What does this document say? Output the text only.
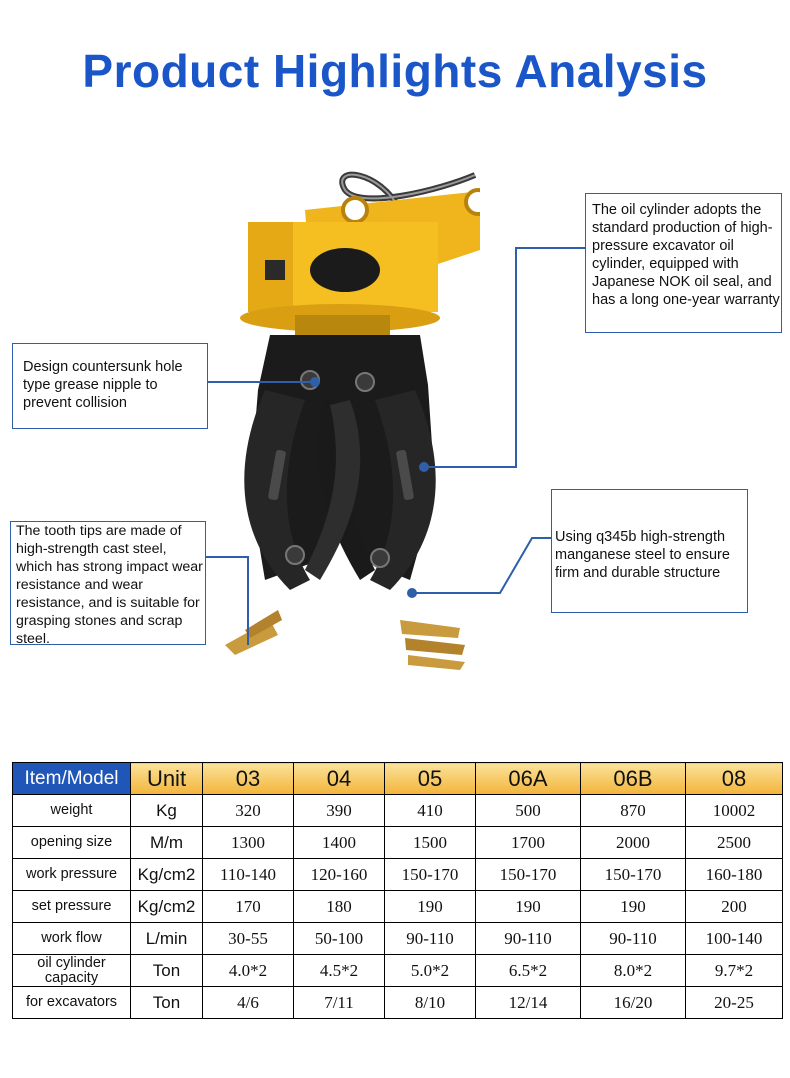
Product Highlights Analysis
The oil cylinder adopts the standard production of high-pressure excavator oil cylinder, equipped with Japanese NOK oil seal, and has a long one-year warranty
Design countersunk hole type grease nipple to prevent collision
The tooth tips are made of high-strength cast steel, which has strong impact wear resistance and wear resistance, and is suitable for grasping stones and scrap steel.
Using q345b high-strength manganese steel to ensure firm and durable structure
Item/Model	Unit	03	04	05	06A	06B	08
weight	Kg	320	390	410	500	870	10002
opening size	M/m	1300	1400	1500	1700	2000	2500
work pressure	Kg/cm2	110-140	120-160	150-170	150-170	150-170	160-180
set pressure	Kg/cm2	170	180	190	190	190	200
work flow	L/min	30-55	50-100	90-110	90-110	90-110	100-140
oil cylinder capacity	Ton	4.0*2	4.5*2	5.0*2	6.5*2	8.0*2	9.7*2
for excavators	Ton	4/6	7/11	8/10	12/14	16/20	20-25
